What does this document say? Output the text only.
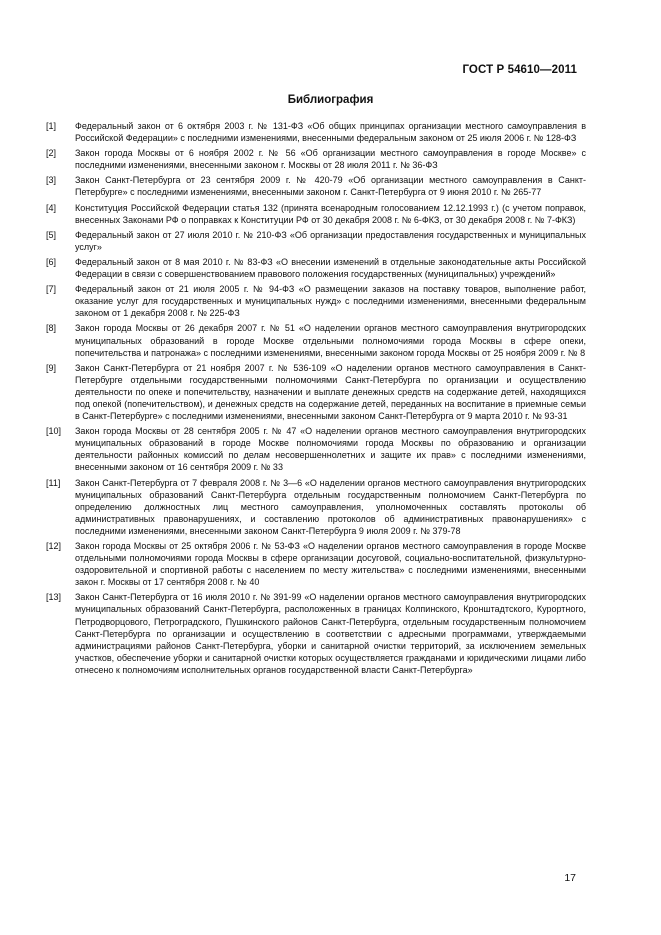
ГОСТ Р 54610—2011
Библиография
[1]	Федеральный закон от 6 октября 2003 г. № 131-ФЗ «Об общих принципах организации местного самоуправления в Российской Федерации» с последними изменениями, внесенными федеральным законом от 25 июля 2006 г. № 128-ФЗ
[2]	Закон города Москвы от 6 ноября 2002 г. № 56 «Об организации местного самоуправления в городе Москве» с последними изменениями, внесенными законом г. Москвы от 28 июля 2011 г. № 36-ФЗ
[3]	Закон Санкт-Петербурга от 23 сентября 2009 г. № 420-79 «Об организации местного самоуправления в Санкт-Петербурге» с последними изменениями, внесенными законом г. Санкт-Петербурга от 9 июня 2010 г. № 265-77
[4]	Конституция Российской Федерации статья 132 (принята всенародным голосованием 12.12.1993 г.) (с учетом поправок, внесенных Законами РФ о поправках к Конституции РФ от 30 декабря 2008 г. № 6-ФКЗ, от 30 декабря 2008 г. № 7-ФКЗ)
[5]	Федеральный закон от 27 июля 2010 г. № 210-ФЗ «Об организации предоставления государственных и муниципальных услуг»
[6]	Федеральный закон от 8 мая 2010 г. № 83-ФЗ «О внесении изменений в отдельные законодательные акты Российской Федерации в связи с совершенствованием правового положения государственных (муниципальных) учреждений»
[7]	Федеральный закон от 21 июля 2005 г. № 94-ФЗ «О размещении заказов на поставку товаров, выполнение работ, оказание услуг для государственных и муниципальных нужд» с последними изменениями, внесенными федеральным законом от 1 декабря 2008 г. № 225-ФЗ
[8]	Закон города Москвы от 26 декабря 2007 г. № 51 «О наделении органов местного самоуправления внутригородских муниципальных образований в городе Москве отдельными полномочиями города Москвы в сфере опеки, попечительства и патронажа» с последними изменениями, внесенными законом города Москвы от 25 ноября 2009 г. № 8
[9]	Закон Санкт-Петербурга от 21 ноября 2007 г. № 536-109 «О наделении органов местного самоуправления в Санкт-Петербурге отдельными государственными полномочиями Санкт-Петербурга по организации и осуществлению деятельности по опеке и попечительству, назначении и выплате денежных средств на содержание детей, находящихся под опекой (попечительством), и денежных средств на содержание детей, переданных на воспитание в приемные семьи в Санкт-Петербурге» с последними изменениями, внесенными законом Санкт-Петербурга от 9 марта 2010 г. № 93-31
[10]	Закон города Москвы от 28 сентября 2005 г. № 47 «О наделении органов местного самоуправления внутригородских муниципальных образований в городе Москве полномочиями города Москвы по образованию и организации деятельности районных комиссий по делам несовершеннолетних и защите их прав» с последними изменениями, внесенными законом от 16 сентября 2009 г. № 33
[11]	Закон Санкт-Петербурга от 7 февраля 2008 г. № 3—6 «О наделении органов местного самоуправления внутригородских муниципальных образований Санкт-Петербурга отдельным государственным полномочием Санкт-Петербурга по определению должностных лиц местного самоуправления, уполномоченных составлять протоколы об административных правонарушениях, и составлению протоколов об административных правонарушениях» с последними изменениями, внесенными законом Санкт-Петербурга 9 июля 2009 г. № 379-78
[12]	Закон города Москвы от 25 октября 2006 г. № 53-ФЗ «О наделении органов местного самоуправления в городе Москве отдельными полномочиями города Москвы в сфере организации досуговой, социально-воспитательной, физкультурно-оздоровительной и спортивной работы с населением по месту жительства» с последними изменениями, внесенными закон г. Москвы от 17 сентября 2008 г. № 40
[13]	Закон Санкт-Петербурга от 16 июля 2010 г. № 391-99 «О наделении органов местного самоуправления внутригородских муниципальных образований Санкт-Петербурга, расположенных в границах Колпинского, Кронштадтского, Курортного, Петродворцового, Петроградского, Пушкинского районов Санкт-Петербурга, отдельным государственным полномочием Санкт-Петербурга по организации и осуществлению в соответствии с адресными программами, утверждаемыми администрациями районов Санкт-Петербурга, уборки и санитарной очистки территорий, за исключением земельных участков, обеспечение уборки и санитарной очистки которых осуществляется гражданами и юридическими лицами либо отнесено к полномочиям исполнительных органов государственной власти Санкт-Петербурга»
17
